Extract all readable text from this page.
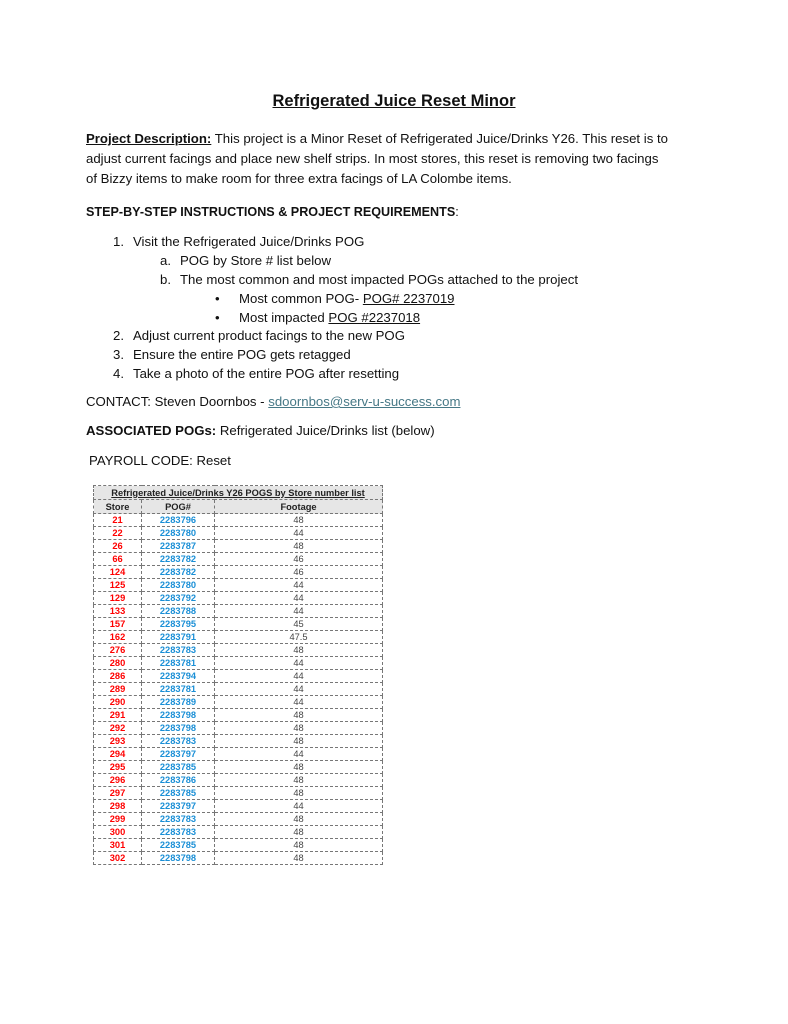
Refrigerated Juice Reset Minor
Project Description: This project is a Minor Reset of Refrigerated Juice/Drinks Y26. This reset is to
adjust current facings and place new shelf strips. In most stores, this reset is removing two facings
of Bizzy items to make room for three extra facings of LA Colombe items.
STEP-BY-STEP INSTRUCTIONS & PROJECT REQUIREMENTS:
1. Visit the Refrigerated Juice/Drinks POG
a. POG by Store # list below
b. The most common and most impacted POGs attached to the project
• Most common POG- POG# 2237019
• Most impacted POG #2237018
2. Adjust current product facings to the new POG
3. Ensure the entire POG gets retagged
4. Take a photo of the entire POG after resetting
CONTACT: Steven Doornbos - sdoornbos@serv-u-success.com
ASSOCIATED POGs: Refrigerated Juice/Drinks list (below)
PAYROLL CODE: Reset
Refrigerated Juice/Drinks Y26 POGS by Store number list		
Store	POG#	Footage
21	2283796	48
22	2283780	44
26	2283787	48
66	2283782	46
124	2283782	46
125	2283780	44
129	2283792	44
133	2283788	44
157	2283795	45
162	2283791	47.5
276	2283783	48
280	2283781	44
286	2283794	44
289	2283781	44
290	2283789	44
291	2283798	48
292	2283798	48
293	2283783	48
294	2283797	44
295	2283785	48
296	2283786	48
297	2283785	48
298	2283797	44
299	2283783	48
300	2283783	48
301	2283785	48
302	2283798	48
